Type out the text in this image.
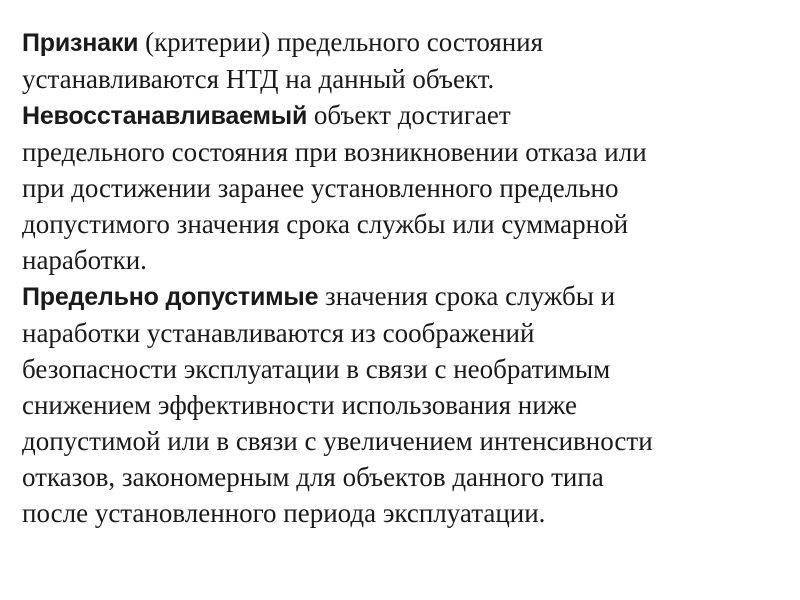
Признаки (критерии) предельного состояния
устанавливаются НТД на данный объект.

Невосстанавливаемый объект достигает
предельного состояния при возникновении отказа или
при достижении заранее установленного предельно
допустимого значения срока службы или суммарной
наработки.

Предельно допустимые значения срока службы и
наработки устанавливаются из соображений
безопасности эксплуатации в связи с необратимым
снижением эффективности использования ниже
допустимой или в связи с увеличением интенсивности
отказов, закономерным для объектов данного типа
после установленного периода эксплуатации.
